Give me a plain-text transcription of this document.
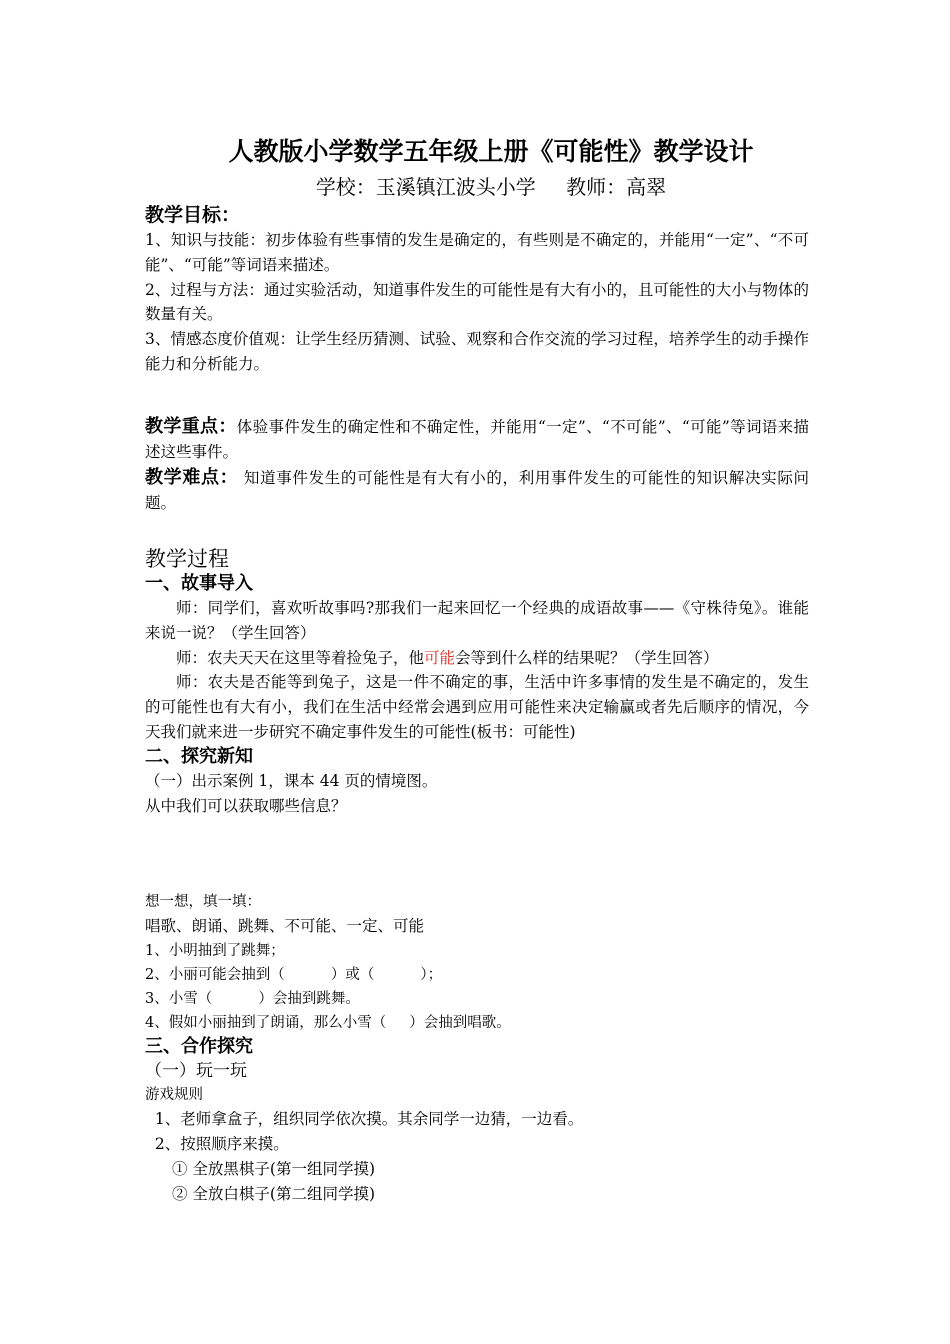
人教版小学数学五年级上册《可能性》教学设计
学校：玉溪镇江波头小学 教师：高翠
教学目标：

1、知识与技能：初步体验有些事情的发生是确定的，有些则是不确定的，并能用“一定”、“不可能”、“可能”等词语来描述。

2、过程与方法：通过实验活动，知道事件发生的可能性是有大有小的，且可能性的大小与物体的数量有关。

3、情感态度价值观：让学生经历猜测、试验、观察和合作交流的学习过程，培养学生的动手操作能力和分析能力。

教学重点：体验事件发生的确定性和不确定性，并能用“一定”、“不可能”、“可能”等词语来描述这些事件。

教学难点： 知道事件发生的可能性是有大有小的，利用事件发生的可能性的知识解决实际问题。

教学过程
一、故事导入

师：同学们，喜欢听故事吗?那我们一起来回忆一个经典的成语故事——《守株待兔》。谁能来说一说？（学生回答）

师：农夫天天在这里等着捡兔子，他可能会等到什么样的结果呢？（学生回答）

师：农夫是否能等到兔子，这是一件不确定的事，生活中许多事情的发生是不确定的，发生的可能性也有大有小，我们在生活中经常会遇到应用可能性来决定输赢或者先后顺序的情况，今天我们就来进一步研究不确定事件发生的可能性(板书：可能性)

二、探究新知

（一）出示案例 1，课本 44 页的情境图。

从中我们可以获取哪些信息？

想一想，填一填：

唱歌、朗诵、跳舞、不可能、一定、可能

1、小明抽到了跳舞；

2、小丽可能会抽到（          ）或（          ）；

3、小雪（          ）会抽到跳舞。

4、假如小丽抽到了朗诵，那么小雪（     ）会抽到唱歌。

三、合作探究

（一）玩一玩

游戏规则

1、老师拿盒子，组织同学依次摸。其余同学一边猜，一边看。

2、按照顺序来摸。

① 全放黑棋子(第一组同学摸)

② 全放白棋子(第二组同学摸)
